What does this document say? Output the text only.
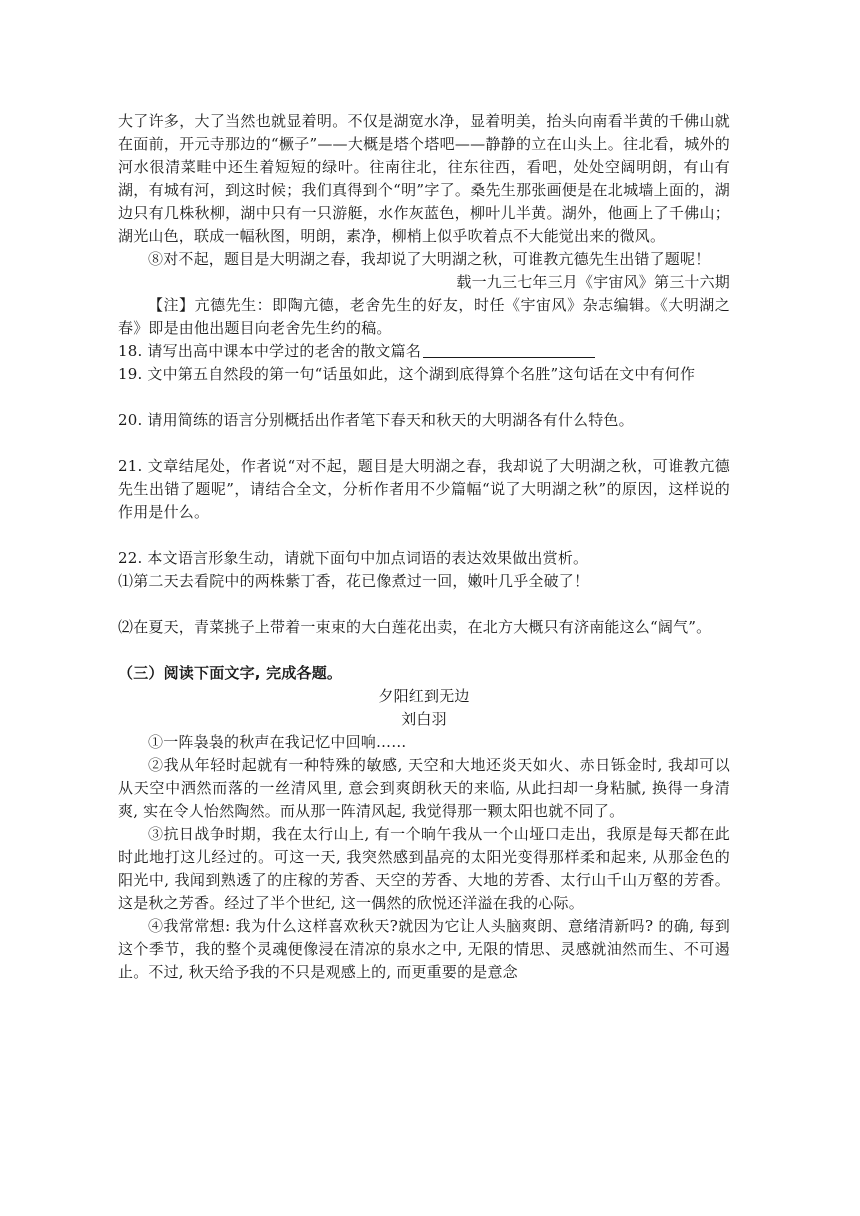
大了许多，大了当然也就显着明。不仅是湖宽水净，显着明美，抬头向南看半黄的千佛山就在面前，开元寺那边的“橛子”——大概是塔个塔吧——静静的立在山头上。往北看，城外的河水很清菜畦中还生着短短的绿叶。往南往北，往东往西，看吧，处处空阔明朗，有山有湖，有城有河，到这时候；我们真得到个“明”字了。桑先生那张画便是在北城墙上面的，湖边只有几株秋柳，湖中只有一只游艇，水作灰蓝色，柳叶儿半黄。湖外，他画上了千佛山；湖光山色，联成一幅秋图，明朗，素净，柳梢上似乎吹着点不大能觉出来的微风。

⑧对不起，题目是大明湖之春，我却说了大明湖之秋，可谁教亢德先生出错了题呢！

载一九三七年三月《宇宙风》第三十六期

【注】亢德先生：即陶亢德，老舍先生的好友，时任《宇宙风》杂志编辑。《大明湖之春》即是由他出题目向老舍先生约的稿。

18. 请写出高中课本中学过的老舍的散文篇名

19. 文中第五自然段的第一句“话虽如此，这个湖到底得算个名胜”这句话在文中有何作

20. 请用简练的语言分别概括出作者笔下春天和秋天的大明湖各有什么特色。

21. 文章结尾处，作者说“对不起，题目是大明湖之春，我却说了大明湖之秋，可谁教亢德先生出错了题呢”，请结合全文，分析作者用不少篇幅“说了大明湖之秋”的原因，这样说的作用是什么。

22. 本文语言形象生动，请就下面句中加点词语的表达效果做出赏析。

⑴第二天去看院中的两株紫丁香，花已像煮过一回，嫩叶几乎全破了！

⑵在夏天，青菜挑子上带着一束束的大白莲花出卖，在北方大概只有济南能这么“阔气”。

（三）阅读下面文字, 完成各题。

夕阳红到无边

刘白羽

①一阵袅袅的秋声在我记忆中回响……

②我从年轻时起就有一种特殊的敏感, 天空和大地还炎天如火、赤日铄金时, 我却可以从天空中洒然而落的一丝清风里, 意会到爽朗秋天的来临, 从此扫却一身粘腻, 换得一身清爽, 实在令人怡然陶然。而从那一阵清风起, 我觉得那一颗太阳也就不同了。

③抗日战争时期，我在太行山上, 有一个晌午我从一个山垭口走出，我原是每天都在此时此地打这儿经过的。可这一天, 我突然感到晶亮的太阳光变得那样柔和起来, 从那金色的阳光中, 我闻到熟透了的庄稼的芳香、天空的芳香、大地的芳香、太行山千山万壑的芳香。这是秋之芳香。经过了半个世纪, 这一偶然的欣悦还洋溢在我的心际。

④我常常想: 我为什么这样喜欢秋天?就因为它让人头脑爽朗、意绪清新吗? 的确, 每到这个季节，我的整个灵魂便像浸在清凉的泉水之中, 无限的情思、灵感就油然而生、不可遏止。不过, 秋天给予我的不只是观感上的, 而更重要的是意念
